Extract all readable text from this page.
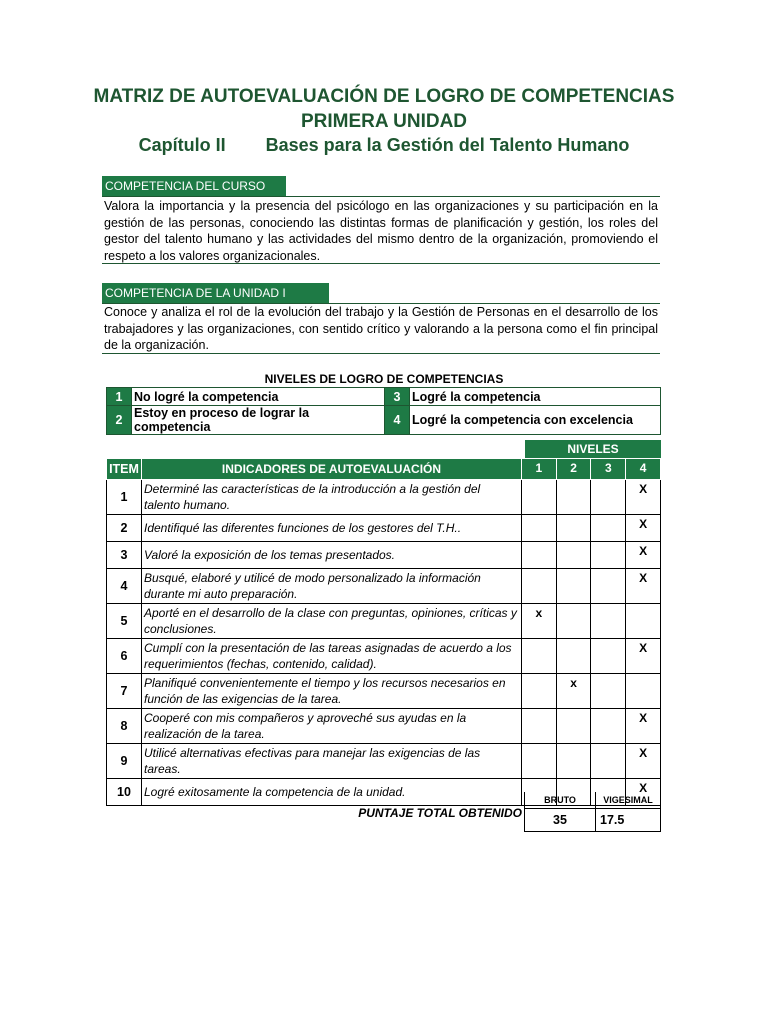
MATRIZ DE AUTOEVALUACIÓN DE LOGRO DE COMPETENCIAS
PRIMERA UNIDAD
Capítulo II Bases para la Gestión del Talento Humano
COMPETENCIA DEL CURSO
Valora la importancia y la presencia del psicólogo en las organizaciones y su participación en la gestión de las personas, conociendo las distintas formas de planificación y gestión, los roles del gestor del talento humano y las actividades del mismo dentro de la organización, promoviendo el respeto a los valores organizacionales.
COMPETENCIA DE LA UNIDAD I
Conoce y analiza el rol de la evolución del trabajo y la Gestión de Personas en el desarrollo de los trabajadores y las organizaciones, con sentido crítico y valorando a la persona como el fin principal de la organización.
NIVELES DE LOGRO DE COMPETENCIAS
1	No logré la competencia	3	Logré la competencia
2	Estoy en proceso de lograr la competencia	4	Logré la competencia con excelencia
NIVELES
ITEM	INDICADORES DE AUTOEVALUACIÓN	1	2	3	4
1	Determiné las características de la introducción a la gestión del talento humano.				X
2	Identifiqué las diferentes funciones de los gestores del T.H..				X
3	Valoré la exposición de los temas presentados.				X
4	Busqué, elaboré y utilicé de modo personalizado la información durante mi auto preparación.				X
5	Aporté en el desarrollo de la clase con preguntas, opiniones, críticas y conclusiones.	x			
6	Cumplí con la presentación de las tareas asignadas de acuerdo a los requerimientos (fechas, contenido, calidad).				X
7	Planifiqué convenientemente el tiempo y los recursos necesarios en función de las exigencias de la tarea.		x		
8	Cooperé con mis compañeros y aproveché sus ayudas en la realización de la tarea.				X
9	Utilicé alternativas efectivas para manejar las exigencias de las tareas.				X
10	Logré exitosamente la competencia de la unidad.				X
PUNTAJE TOTAL OBTENIDO
BRUTO	VIGESIMAL
35	17.5
